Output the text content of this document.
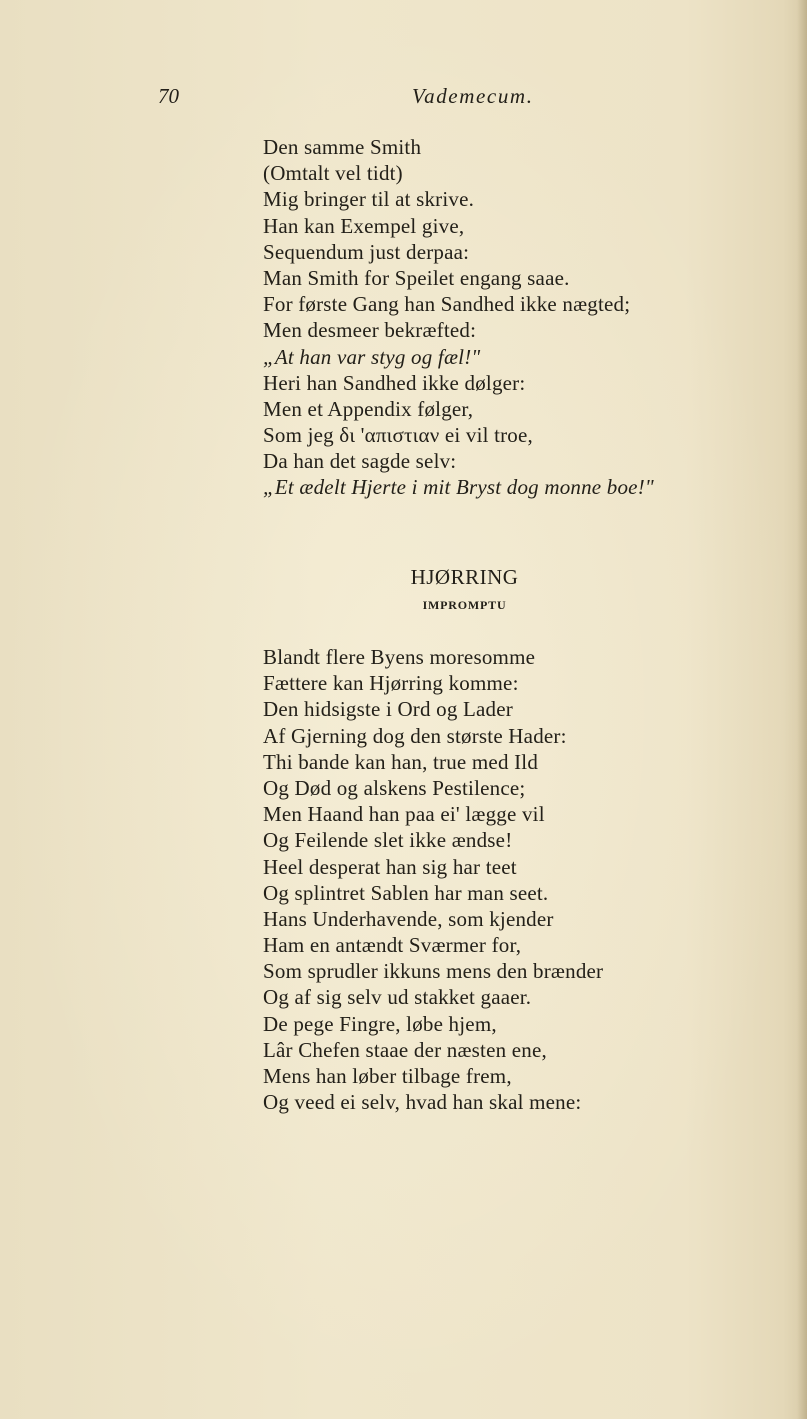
70	Vademecum.
Den samme Smith
(Omtalt vel tidt)
Mig bringer til at skrive.
Han kan Exempel give,
Sequendum just derpaa:
Man Smith for Speilet engang saae.
For første Gang han Sandhed ikke nægted;
Men desmeer bekræfted:
„At han var styg og fæl!"
Heri han Sandhed ikke dølger:
Men et Appendix følger,
Som jeg δι 'απιστιαν ei vil troe,
Da han det sagde selv:
„Et ædelt Hjerte i mit Bryst dog monne boe!"
HJØRRING
IMPROMPTU
Blandt flere Byens moresomme
Fættere kan Hjørring komme:
Den hidsigste i Ord og Lader
Af Gjerning dog den største Hader:
Thi bande kan han, true med Ild
Og Død og alskens Pestilence;
Men Haand han paa ei' lægge vil
Og Feilende slet ikke ændse!
Heel desperat han sig har teet
Og splintret Sablen har man seet.
Hans Underhavende, som kjender
Ham en antændt Sværmer for,
Som sprudler ikkuns mens den brænder
Og af sig selv ud stakket gaaer.
De pege Fingre, løbe hjem,
Lâr Chefen staae der næsten ene,
Mens han løber tilbage frem,
Og veed ei selv, hvad han skal mene:
